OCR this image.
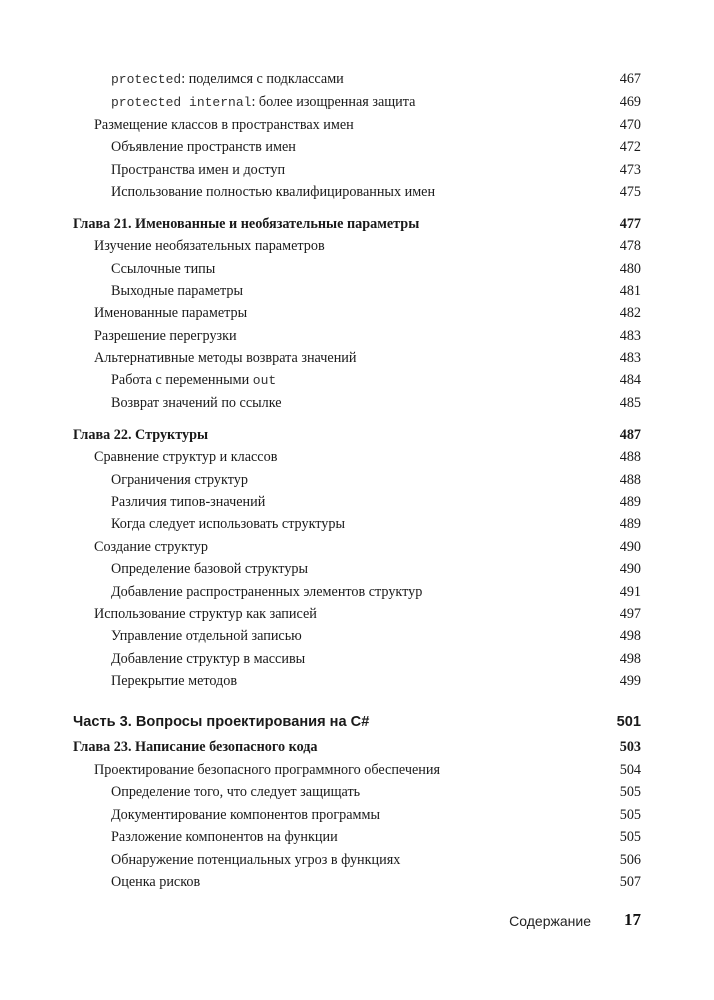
protected: поделимся с подклассами	467
protected internal: более изощренная защита	469
Размещение классов в пространствах имен	470
Объявление пространств имен	472
Пространства имен и доступ	473
Использование полностью квалифицированных имен	475
Глава 21. Именованные и необязательные параметры	477
Изучение необязательных параметров	478
Ссылочные типы	480
Выходные параметры	481
Именованные параметры	482
Разрешение перегрузки	483
Альтернативные методы возврата значений	483
Работа с переменными out	484
Возврат значений по ссылке	485
Глава 22. Структуры	487
Сравнение структур и классов	488
Ограничения структур	488
Различия типов-значений	489
Когда следует использовать структуры	489
Создание структур	490
Определение базовой структуры	490
Добавление распространенных элементов структур	491
Использование структур как записей	497
Управление отдельной записью	498
Добавление структур в массивы	498
Перекрытие методов	499
Часть 3. Вопросы проектирования на C#	501
Глава 23. Написание безопасного кода	503
Проектирование безопасного программного обеспечения	504
Определение того, что следует защищать	505
Документирование компонентов программы	505
Разложение компонентов на функции	505
Обнаружение потенциальных угроз в функциях	506
Оценка рисков	507
Содержание 17
